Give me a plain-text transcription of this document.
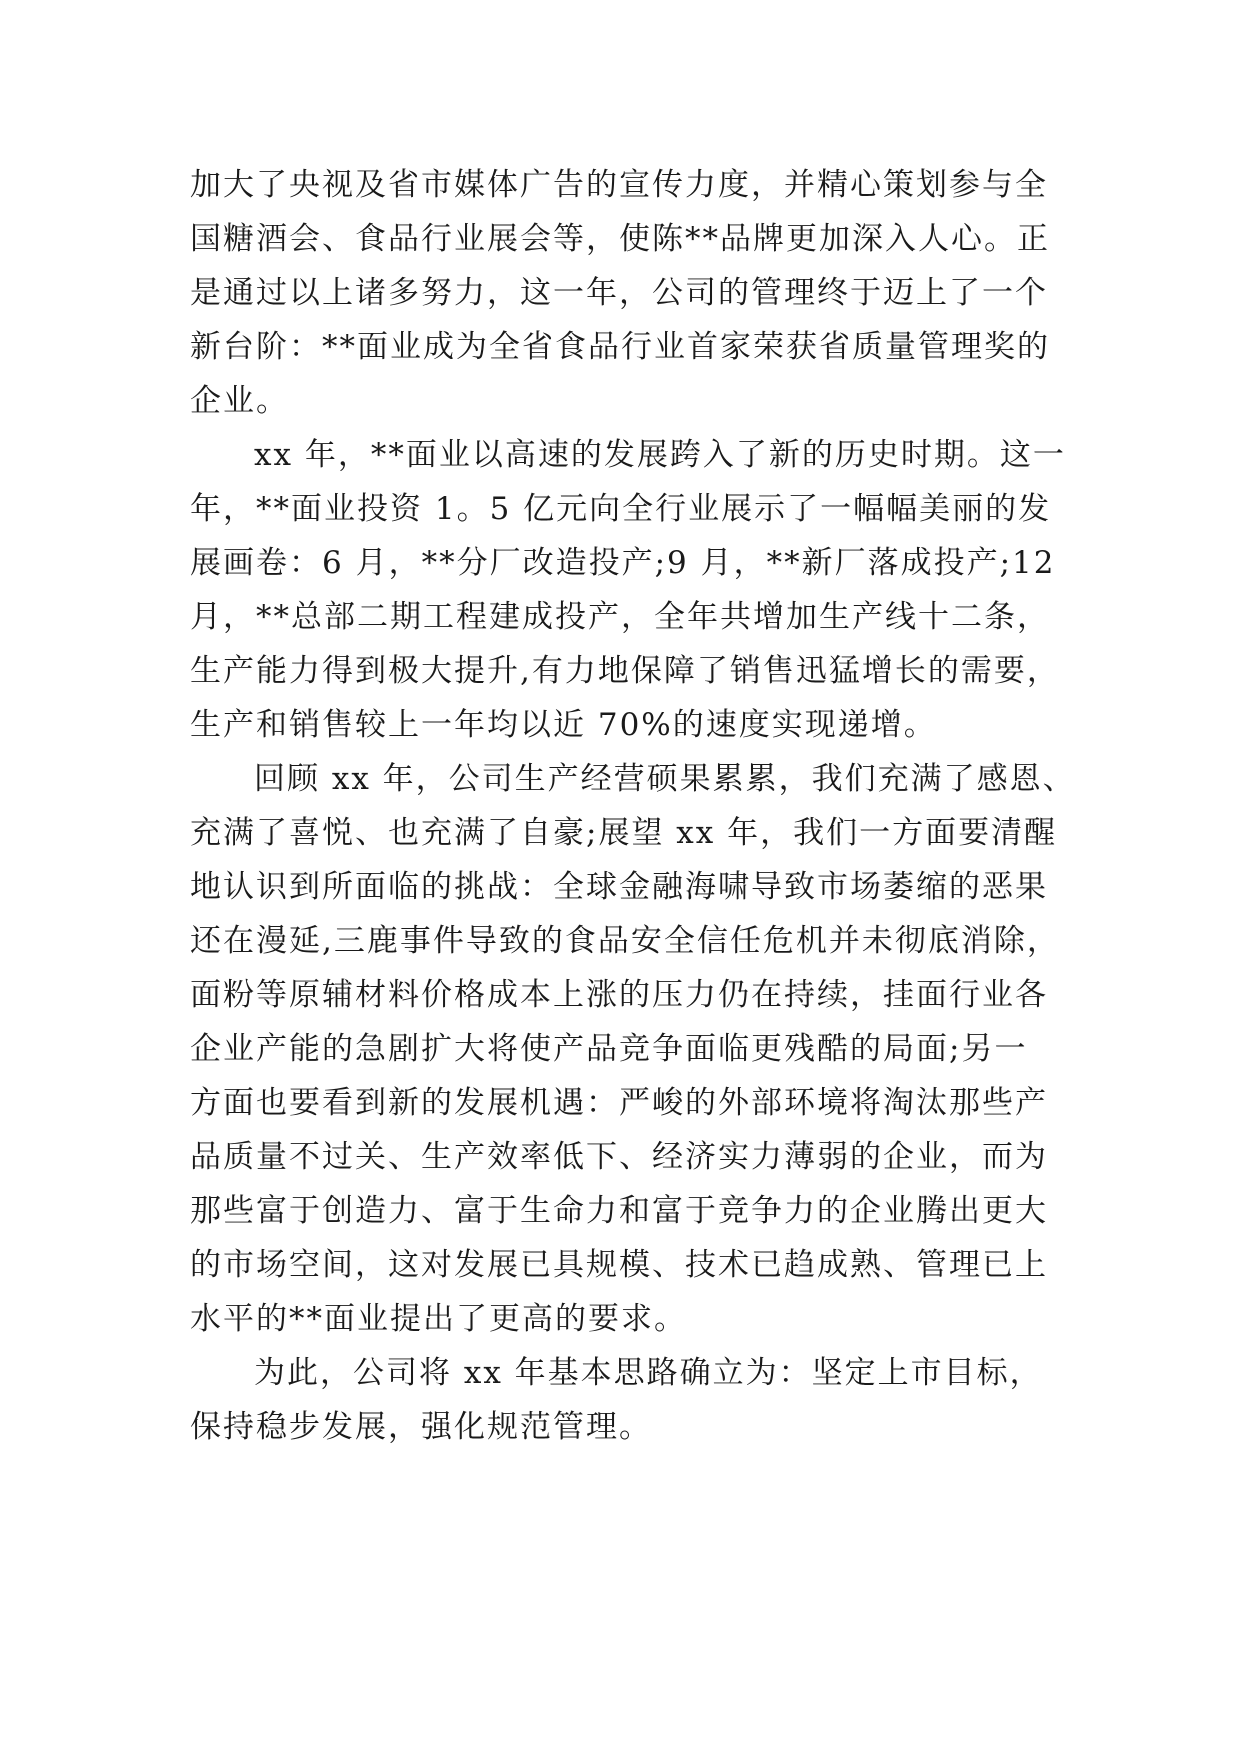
加大了央视及省市媒体广告的宣传力度，并精心策划参与全
国糖酒会、食品行业展会等，使陈**品牌更加深入人心。正
是通过以上诸多努力，这一年，公司的管理终于迈上了一个
新台阶：**面业成为全省食品行业首家荣获省质量管理奖的
企业。
xx 年，**面业以高速的发展跨入了新的历史时期。这一
年，**面业投资 1。5 亿元向全行业展示了一幅幅美丽的发
展画卷：6 月，**分厂改造投产;9 月，**新厂落成投产;12
月，**总部二期工程建成投产，全年共增加生产线十二条，
生产能力得到极大提升,有力地保障了销售迅猛增长的需要，
生产和销售较上一年均以近 70%的速度实现递增。
回顾 xx 年，公司生产经营硕果累累，我们充满了感恩、
充满了喜悦、也充满了自豪;展望 xx 年，我们一方面要清醒
地认识到所面临的挑战：全球金融海啸导致市场萎缩的恶果
还在漫延,三鹿事件导致的食品安全信任危机并未彻底消除，
面粉等原辅材料价格成本上涨的压力仍在持续，挂面行业各
企业产能的急剧扩大将使产品竞争面临更残酷的局面;另一
方面也要看到新的发展机遇：严峻的外部环境将淘汰那些产
品质量不过关、生产效率低下、经济实力薄弱的企业，而为
那些富于创造力、富于生命力和富于竞争力的企业腾出更大
的市场空间，这对发展已具规模、技术已趋成熟、管理已上
水平的**面业提出了更高的要求。
为此，公司将 xx 年基本思路确立为：坚定上市目标，
保持稳步发展，强化规范管理。
